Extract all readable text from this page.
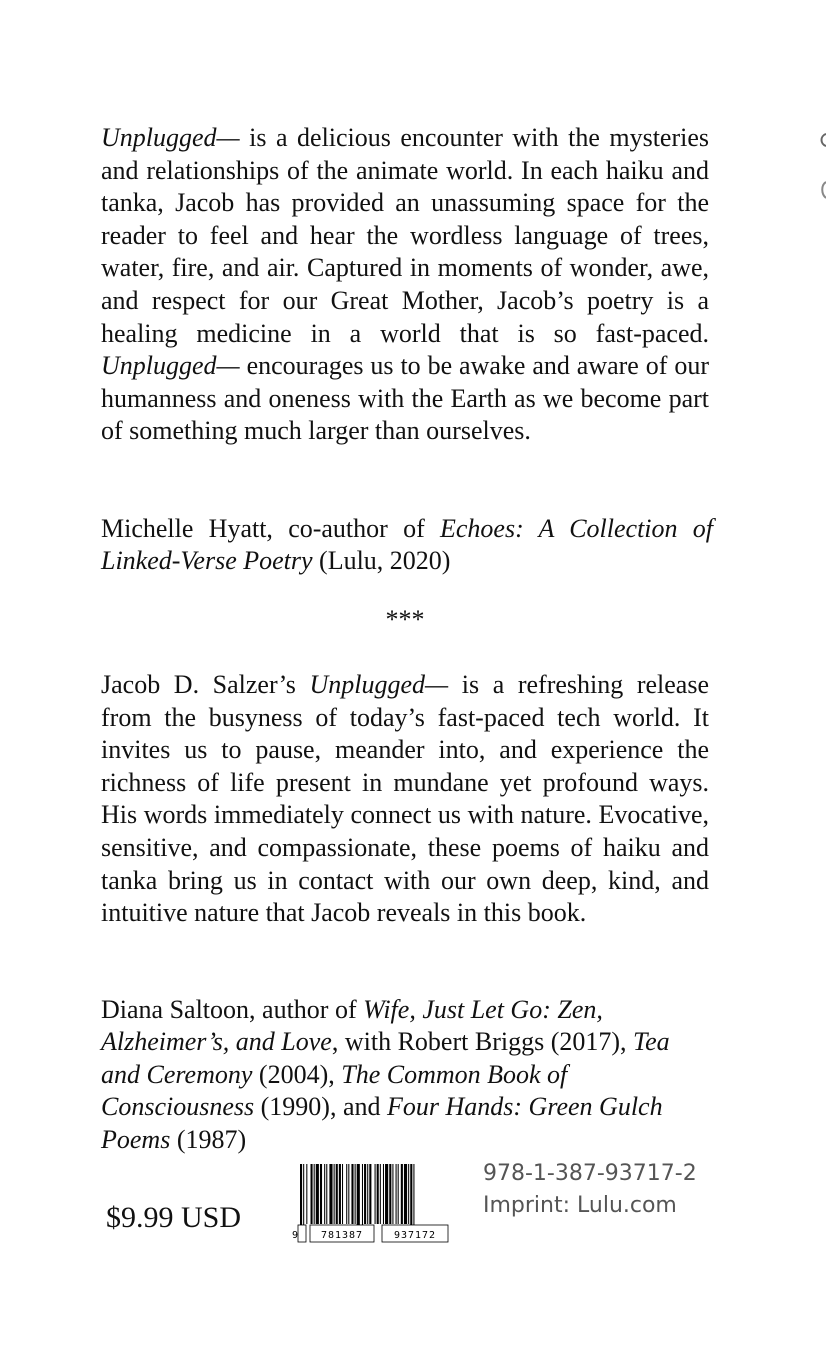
Unplugged— is a delicious encounter with the mysteries and relationships of the animate world. In each haiku and tanka, Jacob has provided an unassuming space for the reader to feel and hear the wordless language of trees, water, fire, and air. Captured in moments of wonder, awe, and respect for our Great Mother, Jacob’s poetry is a healing medicine in a world that is so fast-paced. Unplugged— encourages us to be awake and aware of our humanness and oneness with the Earth as we become part of something much larger than ourselves.

Michelle Hyatt, co-author of Echoes: A Collection of Linked-Verse Poetry (Lulu, 2020)

***

Jacob D. Salzer’s Unplugged— is a refreshing release from the busyness of today’s fast-paced tech world. It invites us to pause, meander into, and experience the richness of life present in mundane yet profound ways. His words immediately connect us with nature. Evocative, sensitive, and compassionate, these poems of haiku and tanka bring us in contact with our own deep, kind, and intuitive nature that Jacob reveals in this book.

Diana Saltoon, author of Wife, Just Let Go: Zen, Alzheimer’s, and Love, with Robert Briggs (2017), Tea and Ceremony (2004), The Common Book of Consciousness (1990), and Four Hands: Green Gulch Poems (1987)

$9.99 USD

9 781387	937172

978-1-387-93717-2

Imprint: Lulu.com
